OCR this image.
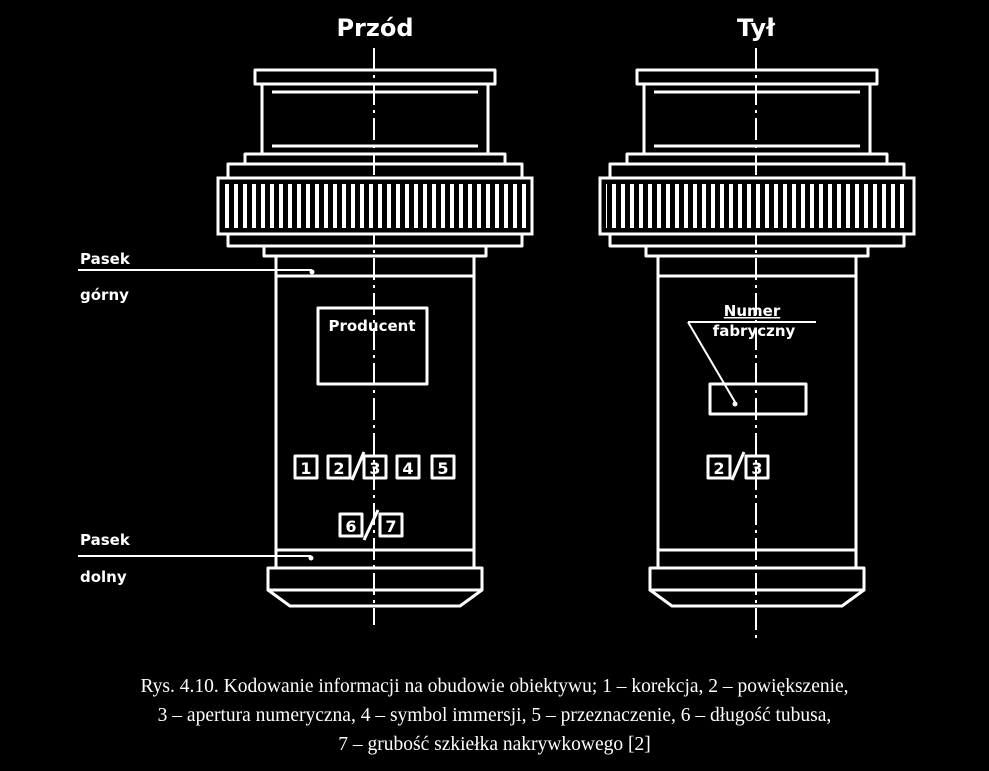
Przód
Producent
1 2 3 4 5
6 7
Pasek
górny
Pasek
dolny
Tył
Numer
fabryczny
2 3
Rys. 4.10. Kodowanie informacji na obudowie obiektywu; 1 – korekcja, 2 – powiększenie,
3 – apertura numeryczna, 4 – symbol immersji, 5 – przeznaczenie, 6 – długość tubusa,
7 – grubość szkiełka nakrywkowego [2]
